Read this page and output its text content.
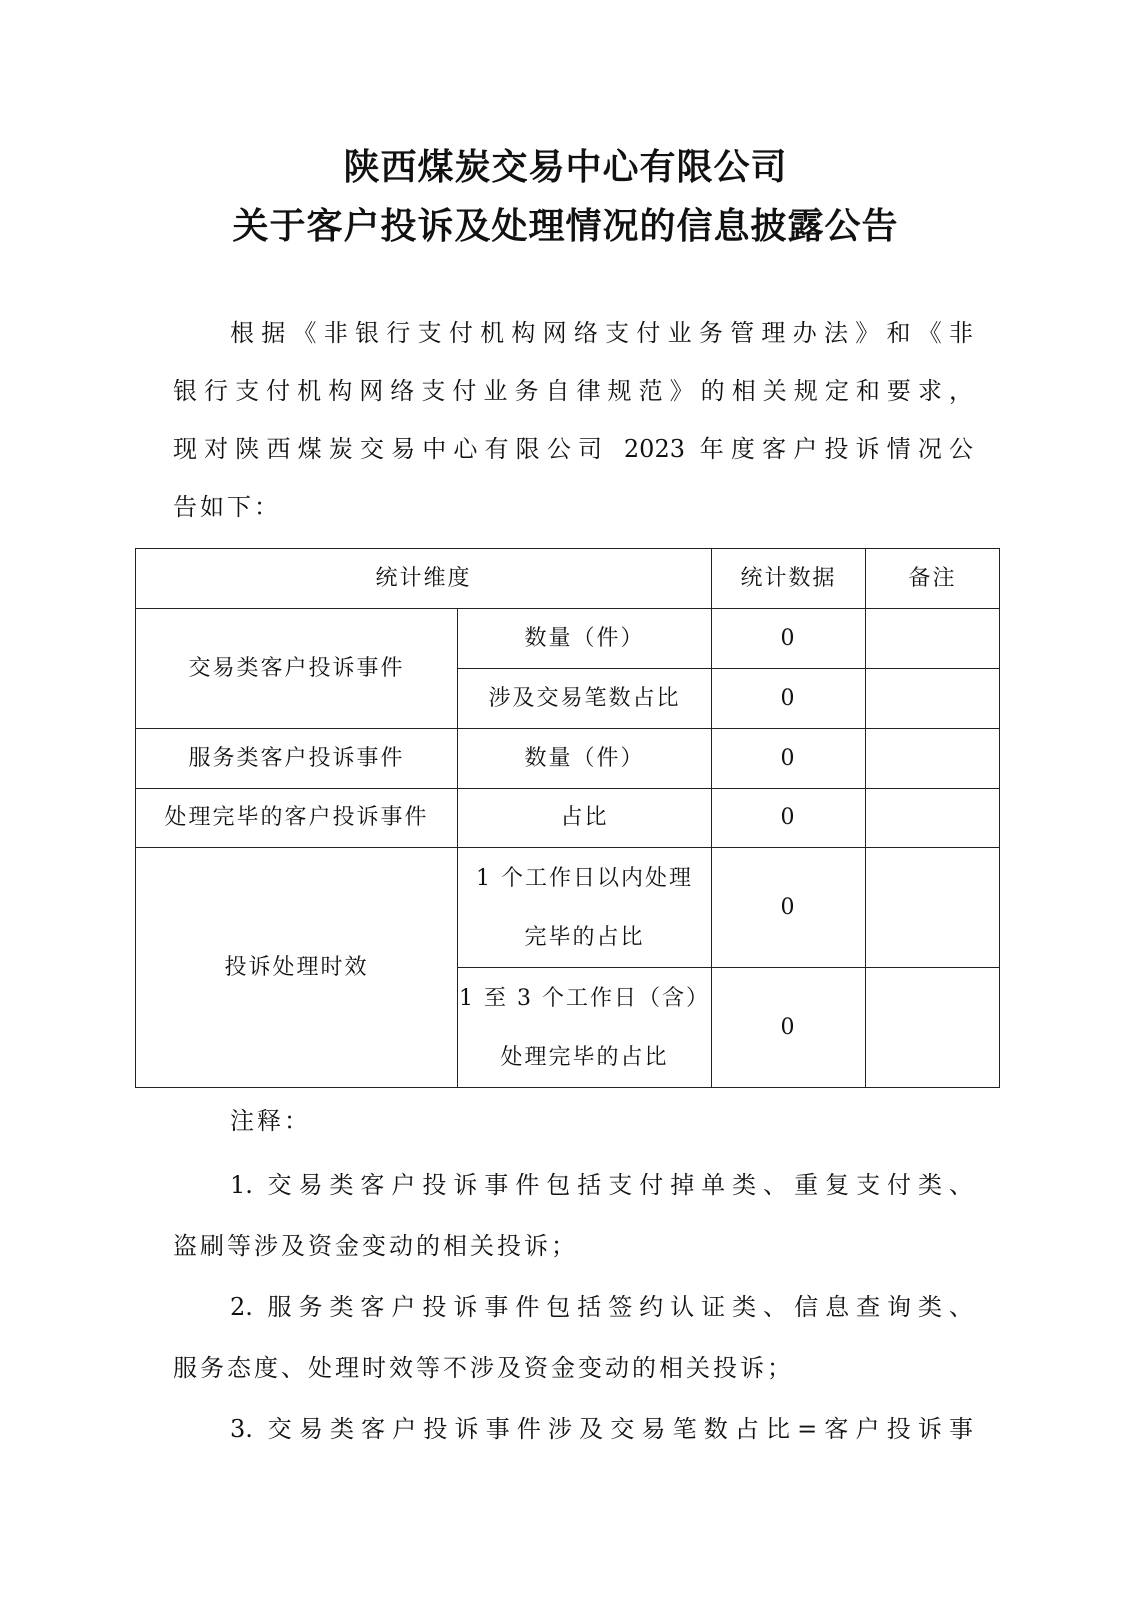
陕西煤炭交易中心有限公司
关于客户投诉及处理情况的信息披露公告
根据《非银行支付机构网络支付业务管理办法》和《非
银行支付机构网络支付业务自律规范》的相关规定和要求，
现对陕西煤炭交易中心有限公司 2023 年度客户投诉情况公
告如下：
统计维度		统计数据	备注
交易类客户投诉事件	数量（件）	0	
	涉及交易笔数占比	0	
服务类客户投诉事件	数量（件）	0	
处理完毕的客户投诉事件	占比	0	
投诉处理时效	1 个工作日以内处理
完毕的占比	0	

	1 至 3 个工作日（含）
处理完毕的占比	0	
注释：
1. 交易类客户投诉事件包括支付掉单类、重复支付类、
盗刷等涉及资金变动的相关投诉；
2. 服务类客户投诉事件包括签约认证类、信息查询类、
服务态度、处理时效等不涉及资金变动的相关投诉；
3. 交易类客户投诉事件涉及交易笔数占比=客户投诉事
